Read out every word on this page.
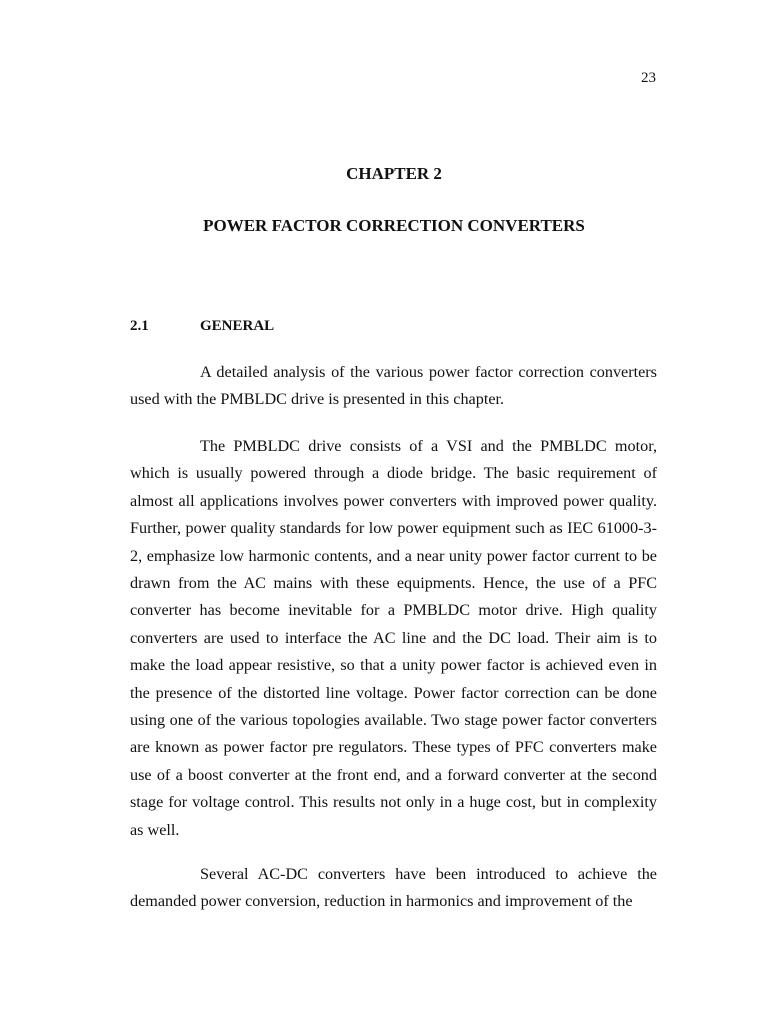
23
CHAPTER 2
POWER FACTOR CORRECTION CONVERTERS
2.1	GENERAL

A detailed analysis of the various power factor correction converters used with the PMBLDC drive is presented in this chapter.

The PMBLDC drive consists of a VSI and the PMBLDC motor, which is usually powered through a diode bridge. The basic requirement of almost all applications involves power converters with improved power quality. Further, power quality standards for low power equipment such as IEC 61000-3-2, emphasize low harmonic contents, and a near unity power factor current to be drawn from the AC mains with these equipments. Hence, the use of a PFC converter has become inevitable for a PMBLDC motor drive. High quality converters are used to interface the AC line and the DC load. Their aim is to make the load appear resistive, so that a unity power factor is achieved even in the presence of the distorted line voltage. Power factor correction can be done using one of the various topologies available. Two stage power factor converters are known as power factor pre regulators. These types of PFC converters make use of a boost converter at the front end, and a forward converter at the second stage for voltage control. This results not only in a huge cost, but in complexity as well.

Several AC-DC converters have been introduced to achieve the demanded power conversion, reduction in harmonics and improvement of the
